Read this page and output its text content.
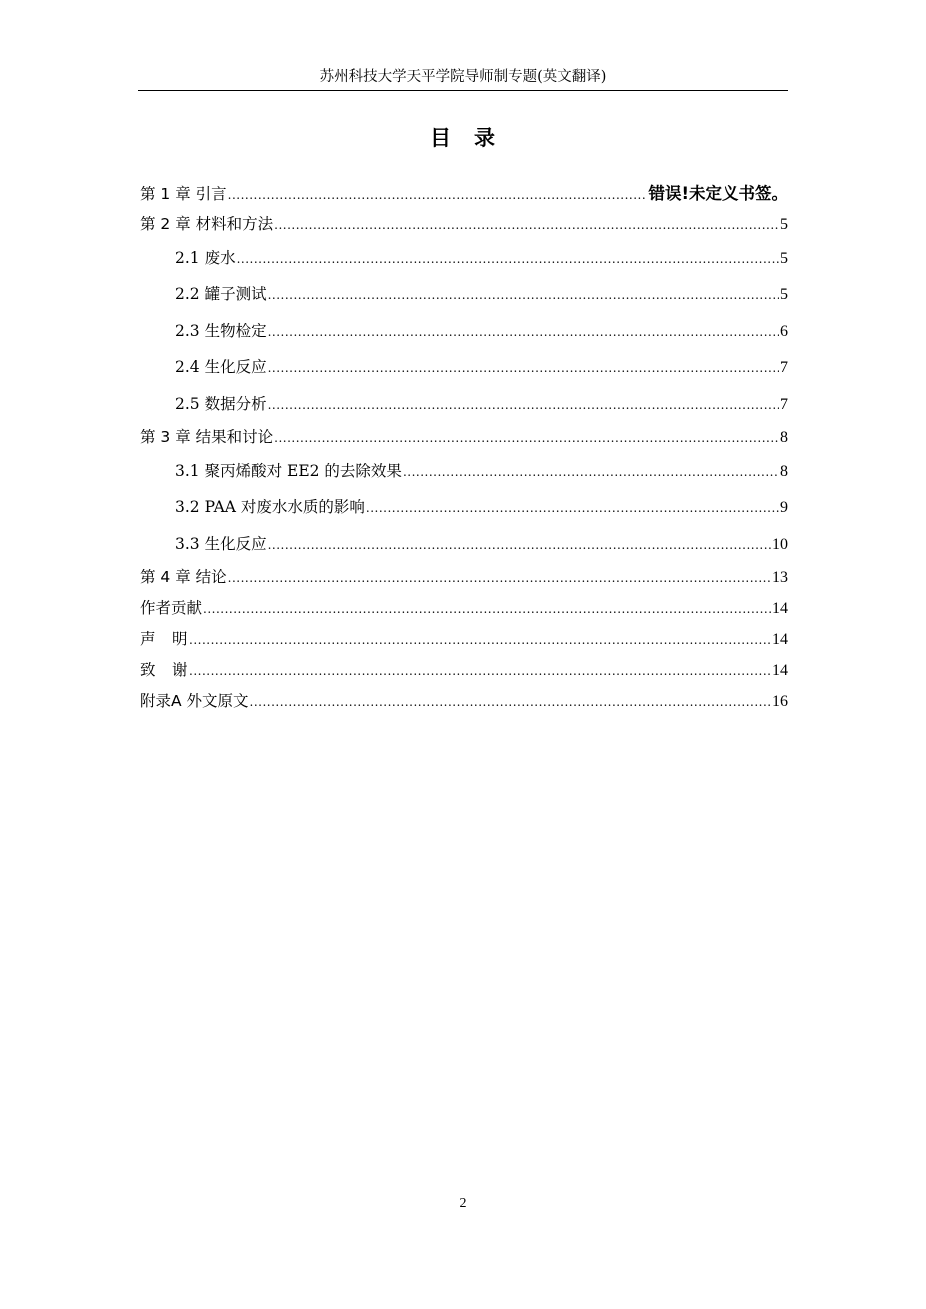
苏州科技大学天平学院导师制专题(英文翻译)
目　录
第 1 章 引言 .....	错误!未定义书签。
第 2 章 材料和方法 .....	5
2.1 废水 .....	5
2.2 罐子测试 .....	5
2.3 生物检定 .....	6
2.4 生化反应 .....	7
2.5 数据分析 .....	7
第 3 章 结果和讨论 .....	8
3.1 聚丙烯酸对 EE2 的去除效果 .....	8
3.2 PAA 对废水水质的影响 .....	9
3.3 生化反应 .....	10
第 4 章 结论 .....	13
作者贡献 .....	14
声　明 .....	14
致　谢 .....	14
附录A 外文原文 .....	16
2
